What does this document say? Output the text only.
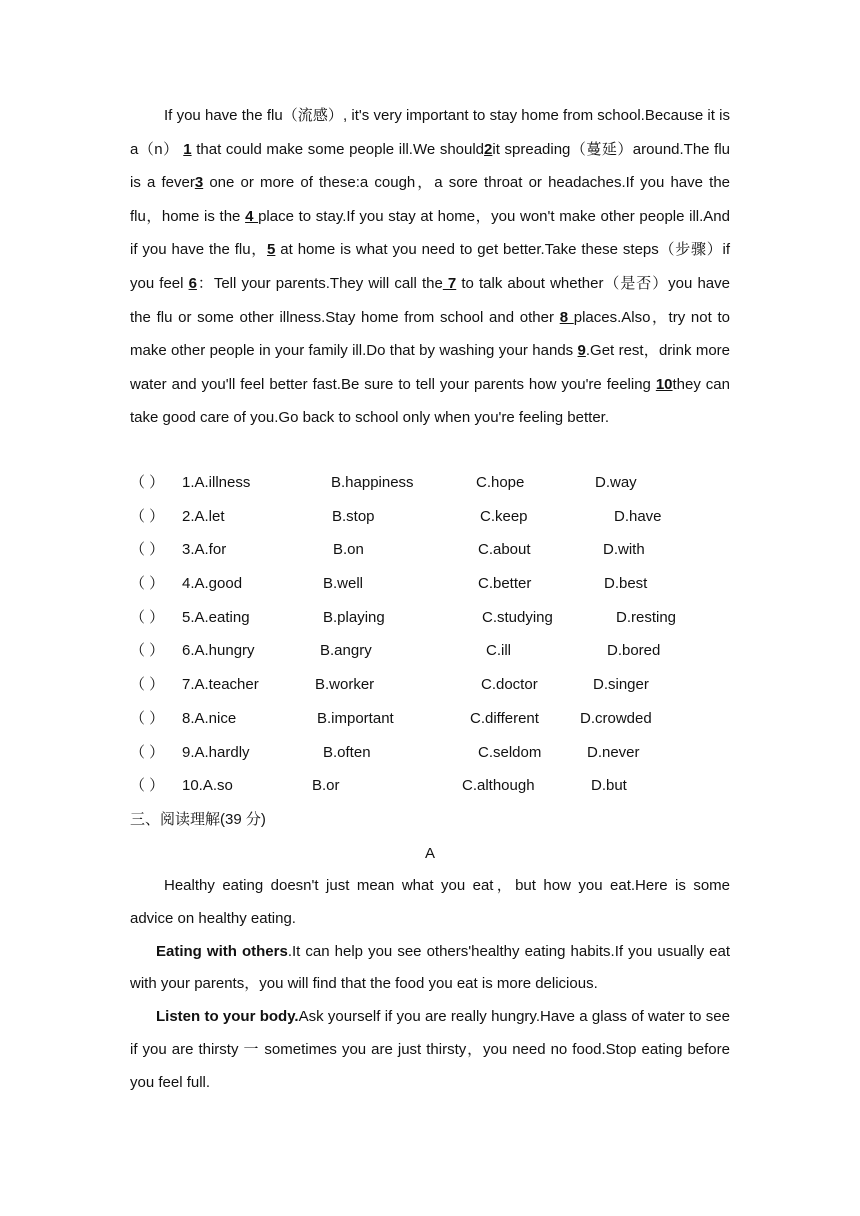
If you have the flu（流感）, it's very important to stay home from school.Because it is a（n） 1 that could make some people ill.We should2it spreading（蔓延）around.The flu is a fever3 one or more of these:a cough，a sore throat or headaches.If you have the flu，home is the 4 place to stay.If you stay at home，you won't make other people ill.And if you have the flu，5 at home is what you need to get better.Take these steps（步骤）if you feel 6：Tell your parents.They will call the 7 to talk about whether（是否）you have the flu or some other illness.Stay home from school and other 8 places.Also，try not to make other people in your family ill.Do that by washing your hands 9.Get rest，drink more water and you'll feel better fast.Be sure to tell your parents how you're feeling 10they can take good care of you.Go back to school only when you're feeling better.

（ ） 1.A.illness	B.happiness	C.hope	D.way
（ ） 2.A.let	B.stop	C.keep	D.have
（ ） 3.A.for	B.on	C.about	D.with
（ ） 4.A.good	B.well	C.better	D.best
（ ） 5.A.eating	B.playing	C.studying	D.resting
（ ） 6.A.hungry	B.angry	C.ill	D.bored
（ ） 7.A.teacher	B.worker	C.doctor	D.singer
（ ） 8.A.nice	B.important	C.different	D.crowded
（ ） 9.A.hardly	B.often	C.seldom	D.never
（ ） 10.A.so	B.or	C.although	D.but
三、阅读理解(39 分)
A

Healthy eating doesn't just mean what you eat，but how you eat.Here is some advice on healthy eating.

Eating with others.It can help you see others'healthy eating habits.If you usually eat with your parents，you will find that the food you eat is more delicious.

Listen to your body.Ask yourself if you are really hungry.Have a glass of water to see if you are thirsty 一 sometimes you are just thirsty，you need no food.Stop eating before you feel full.
